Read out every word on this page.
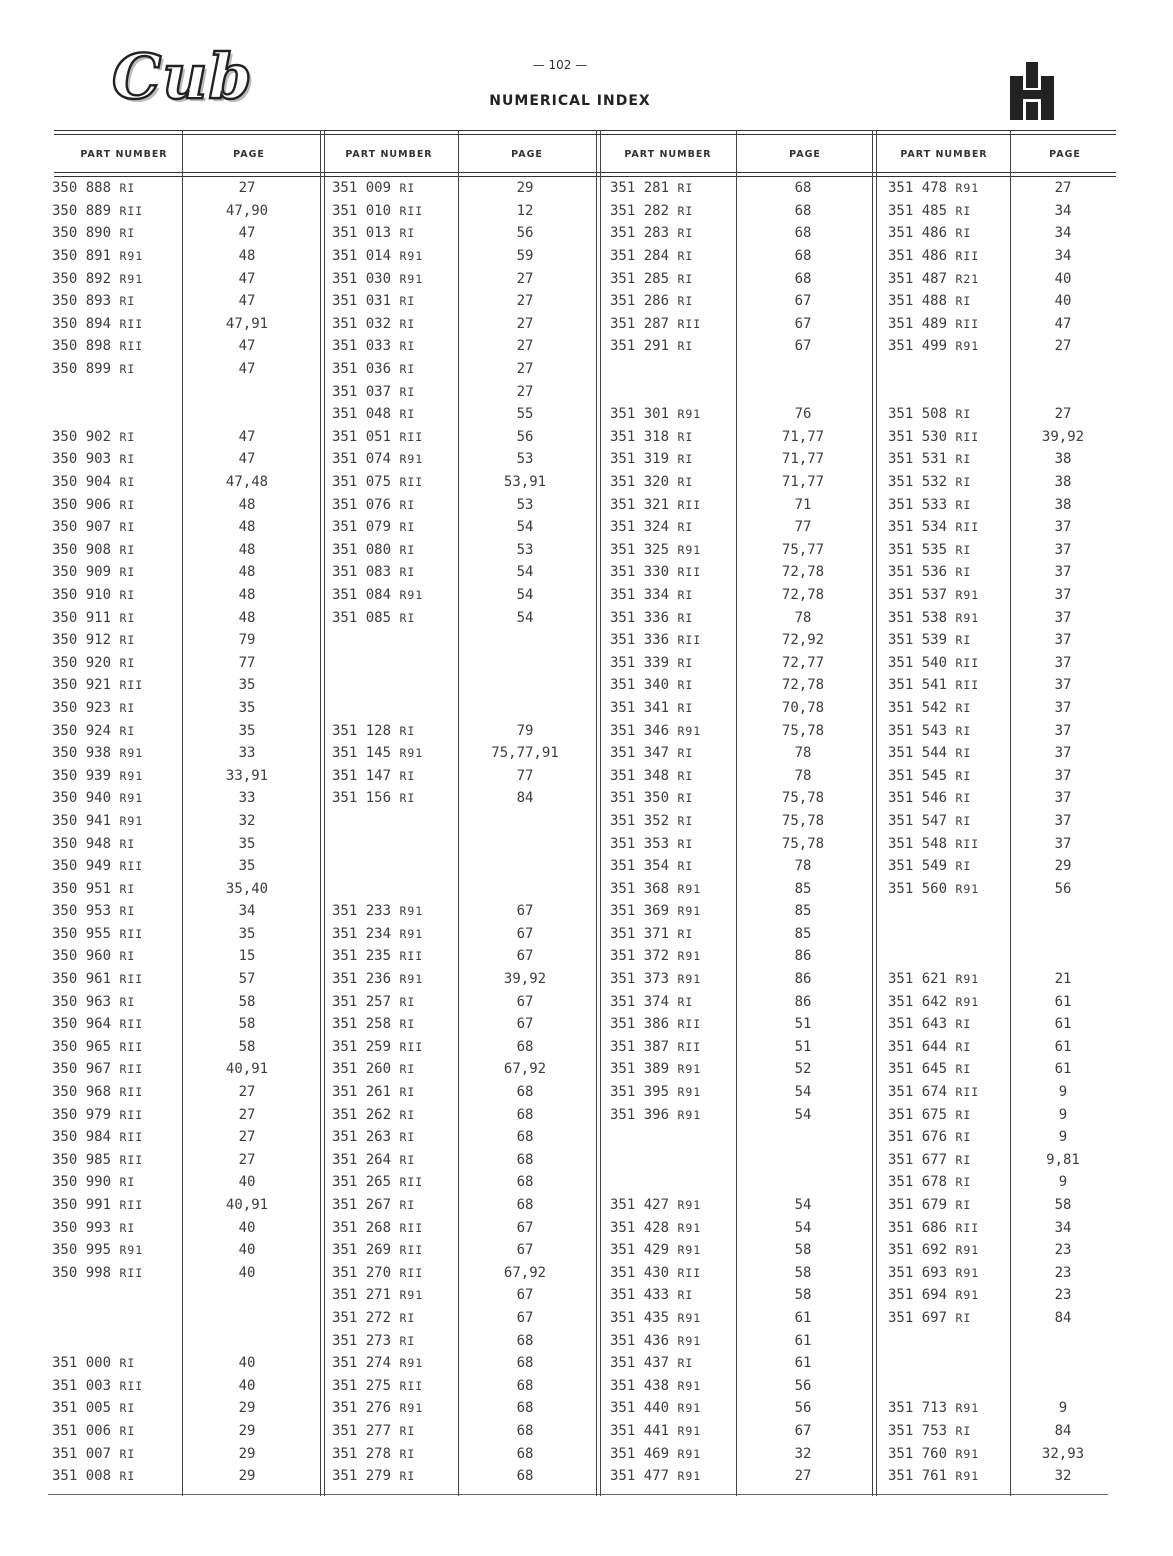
Cub	— 102 —
NUMERICAL INDEX
PART NUMBER	PAGE
350 888 RI	27
350 889 RII	47,90
350 890 RI	47
350 891 R91	48
350 892 R91	47
350 893 RI	47
350 894 RII	47,91
350 898 RII	47
350 899 RI	47
350 902 RI	47
350 903 RI	47
350 904 RI	47,48
350 906 RI	48
350 907 RI	48
350 908 RI	48
350 909 RI	48
350 910 RI	48
350 911 RI	48
350 912 RI	79
350 920 RI	77
350 921 RII	35
350 923 RI	35
350 924 RI	35
350 938 R91	33
350 939 R91	33,91
350 940 R91	33
350 941 R91	32
350 948 RI	35
350 949 RII	35
350 951 RI	35,40
350 953 RI	34
350 955 RII	35
350 960 RI	15
350 961 RII	57
350 963 RI	58
350 964 RII	58
350 965 RII	58
350 967 RII	40,91
350 968 RII	27
350 979 RII	27
350 984 RII	27
350 985 RII	27
350 990 RI	40
350 991 RII	40,91
350 993 RI	40
350 995 R91	40
350 998 RII	40
351 000 RI	40
351 003 RII	40
351 005 RI	29
351 006 RI	29
351 007 RI	29
351 008 RI	29
PART NUMBER	PAGE
351 009 RI	29
351 010 RII	12
351 013 RI	56
351 014 R91	59
351 030 R91	27
351 031 RI	27
351 032 RI	27
351 033 RI	27
351 036 RI	27
351 037 RI	27
351 048 RI	55
351 051 RII	56
351 074 R91	53
351 075 RII	53,91
351 076 RI	53
351 079 RI	54
351 080 RI	53
351 083 RI	54
351 084 R91	54
351 085 RI	54
351 128 RI	79
351 145 R91	75,77,91
351 147 RI	77
351 156 RI	84
351 233 R91	67
351 234 R91	67
351 235 RII	67
351 236 R91	39,92
351 257 RI	67
351 258 RI	67
351 259 RII	68
351 260 RI	67,92
351 261 RI	68
351 262 RI	68
351 263 RI	68
351 264 RI	68
351 265 RII	68
351 267 RI	68
351 268 RII	67
351 269 RII	67
351 270 RII	67,92
351 271 R91	67
351 272 RI	67
351 273 RI	68
351 274 R91	68
351 275 RII	68
351 276 R91	68
351 277 RI	68
351 278 RI	68
351 279 RI	68
PART NUMBER	PAGE
351 281 RI	68
351 282 RI	68
351 283 RI	68
351 284 RI	68
351 285 RI	68
351 286 RI	67
351 287 RII	67
351 291 RI	67
351 301 R91	76
351 318 RI	71,77
351 319 RI	71,77
351 320 RI	71,77
351 321 RII	71
351 324 RI	77
351 325 R91	75,77
351 330 RII	72,78
351 334 RI	72,78
351 336 RI	78
351 336 RII	72,92
351 339 RI	72,77
351 340 RI	72,78
351 341 RI	70,78
351 346 R91	75,78
351 347 RI	78
351 348 RI	78
351 350 RI	75,78
351 352 RI	75,78
351 353 RI	75,78
351 354 RI	78
351 368 R91	85
351 369 R91	85
351 371 RI	85
351 372 R91	86
351 373 R91	86
351 374 RI	86
351 386 RII	51
351 387 RII	51
351 389 R91	52
351 395 R91	54
351 396 R91	54
351 427 R91	54
351 428 R91	54
351 429 R91	58
351 430 RII	58
351 433 RI	58
351 435 R91	61
351 436 R91	61
351 437 RI	61
351 438 R91	56
351 440 R91	56
351 441 R91	67
351 469 R91	32
351 477 R91	27
PART NUMBER	PAGE
351 478 R91	27
351 485 RI	34
351 486 RI	34
351 486 RII	34
351 487 R21	40
351 488 RI	40
351 489 RII	47
351 499 R91	27
351 508 RI	27
351 530 RII	39,92
351 531 RI	38
351 532 RI	38
351 533 RI	38
351 534 RII	37
351 535 RI	37
351 536 RI	37
351 537 R91	37
351 538 R91	37
351 539 RI	37
351 540 RII	37
351 541 RII	37
351 542 RI	37
351 543 RI	37
351 544 RI	37
351 545 RI	37
351 546 RI	37
351 547 RI	37
351 548 RII	37
351 549 RI	29
351 560 R91	56
351 621 R91	21
351 642 R91	61
351 643 RI	61
351 644 RI	61
351 645 RI	61
351 674 RII	9
351 675 RI	9
351 676 RI	9
351 677 RI	9,81
351 678 RI	9
351 679 RI	58
351 686 RII	34
351 692 R91	23
351 693 R91	23
351 694 R91	23
351 697 RI	84
351 713 R91	9
351 753 RI	84
351 760 R91	32,93
351 761 R91	32
